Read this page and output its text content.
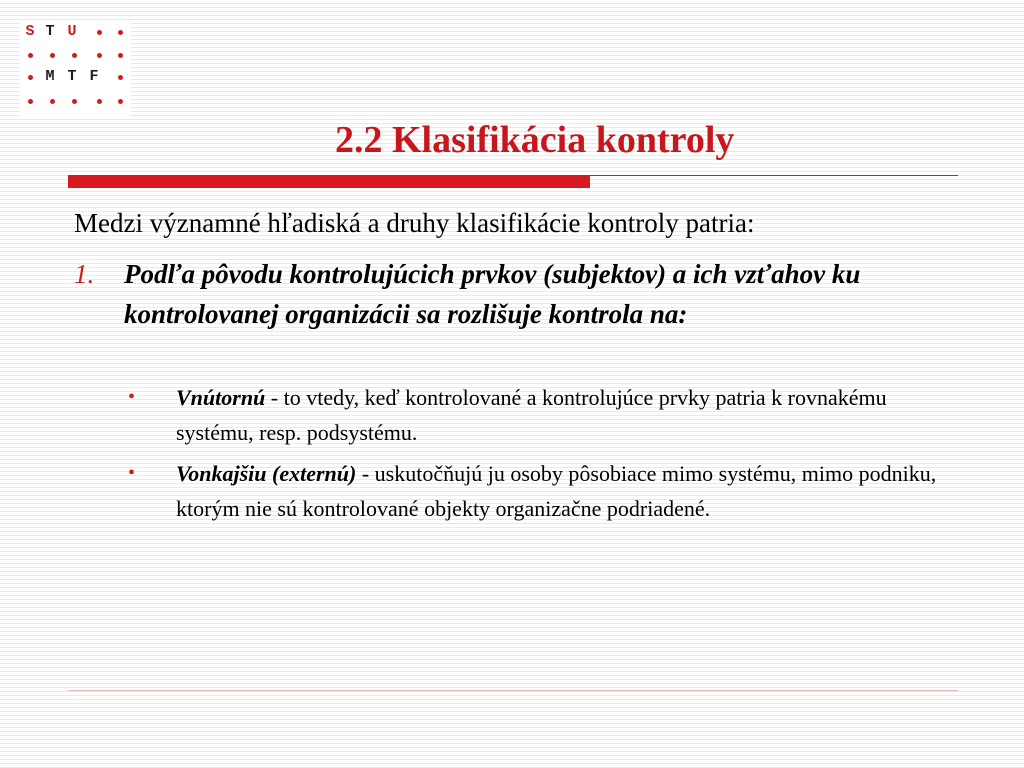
S T U
M T F
2.2 Klasifikácia kontroly
Medzi významné hľadiská a druhy klasifikácie kontroly patria:
1. Podľa pôvodu kontrolujúcich prvkov (subjektov) a ich vzťahov ku kontrolovanej organizácii sa rozlišuje kontrola na:
• Vnútornú - to vtedy, keď kontrolované a kontrolujúce prvky patria k rovnakému systému, resp. podsystému.
• Vonkajšiu (externú) - uskutočňujú ju osoby pôsobiace mimo systému, mimo podniku, ktorým nie sú kontrolované objekty organizačne podriadené.
